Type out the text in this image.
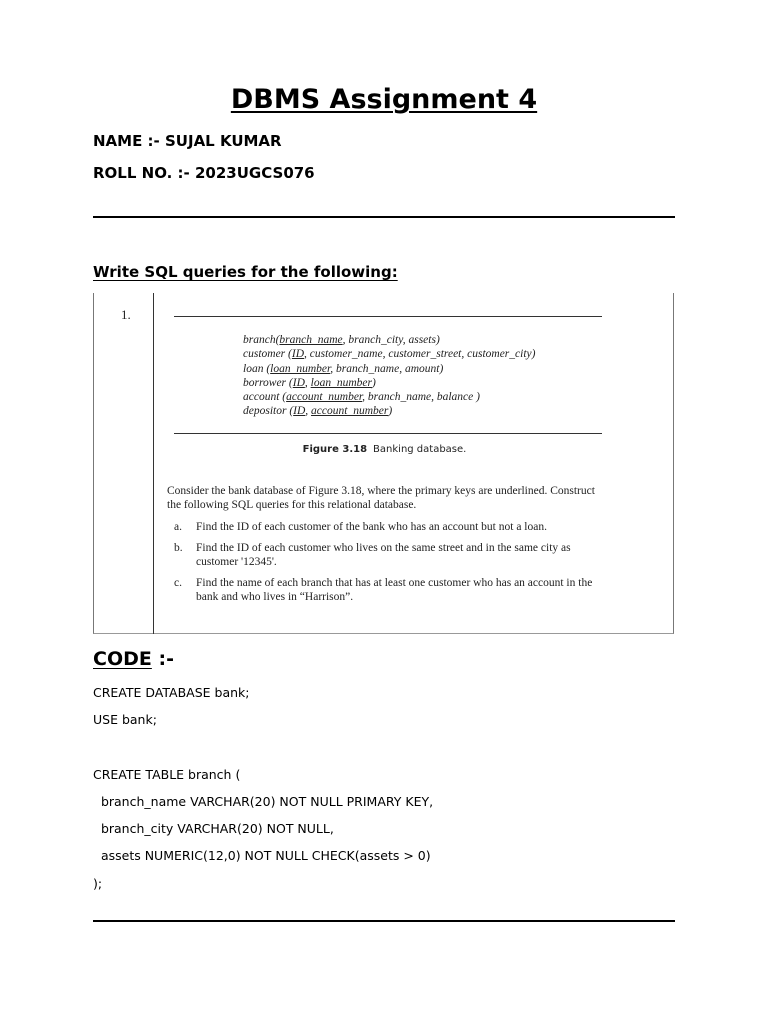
DBMS Assignment 4
NAME :- SUJAL KUMAR
ROLL NO. :- 2023UGCS076
Write SQL queries for the following:
1.
branch(branch_name, branch_city, assets)
customer (ID, customer_name, customer_street, customer_city)
loan (loan_number, branch_name, amount)
borrower (ID, loan_number)
account (account_number, branch_name, balance )
depositor (ID, account_number)
Figure 3.18 Banking database.
Consider the bank database of Figure 3.18, where the primary keys are underlined. Construct the following SQL queries for this relational database.
a. Find the ID of each customer of the bank who has an account but not a loan.
b. Find the ID of each customer who lives on the same street and in the same city as customer '12345'.
c. Find the name of each branch that has at least one customer who has an account in the bank and who lives in “Harrison”.
CODE :-
CREATE DATABASE bank;
USE bank;
CREATE TABLE branch (
branch_name VARCHAR(20) NOT NULL PRIMARY KEY,
branch_city VARCHAR(20) NOT NULL,
assets NUMERIC(12,0) NOT NULL CHECK(assets > 0)
);
